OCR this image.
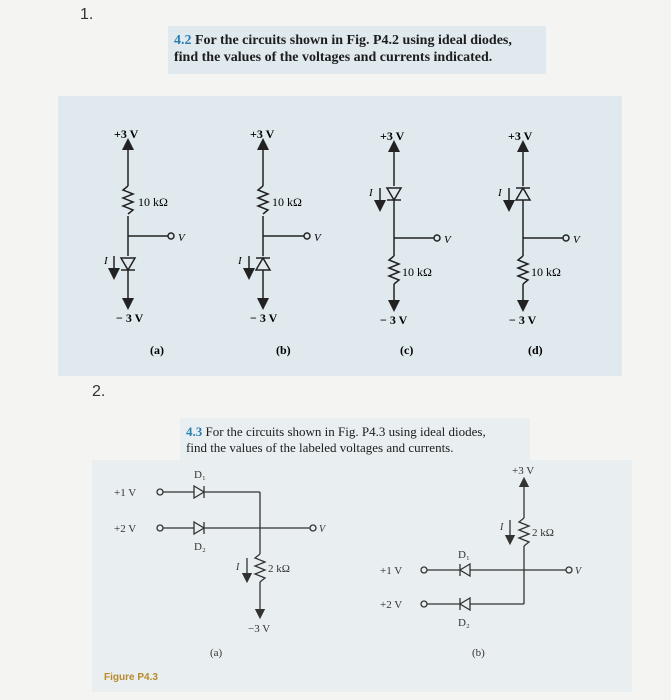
1.
2.
4.2 For the circuits shown in Fig. P4.2 using ideal diodes,
find the values of the voltages and currents indicated.
+3 V
10 kΩ
V
I
− 3 V
(a)
+3 V
10 kΩ
V
I
− 3 V
(b)
+3 V
I
V
10 kΩ
− 3 V
(c)
+3 V
I
V
10 kΩ
− 3 V
(d)
4.3 For the circuits shown in Fig. P4.3 using ideal diodes,
find the values of the labeled voltages and currents.
+1 V
D₁
+2 V
D₂
V
I	2 kΩ
−3 V
(a)
+3 V
I	2 kΩ
D₁
+1 V	V
+2 V
D₂
(b)
Figure P4.3
